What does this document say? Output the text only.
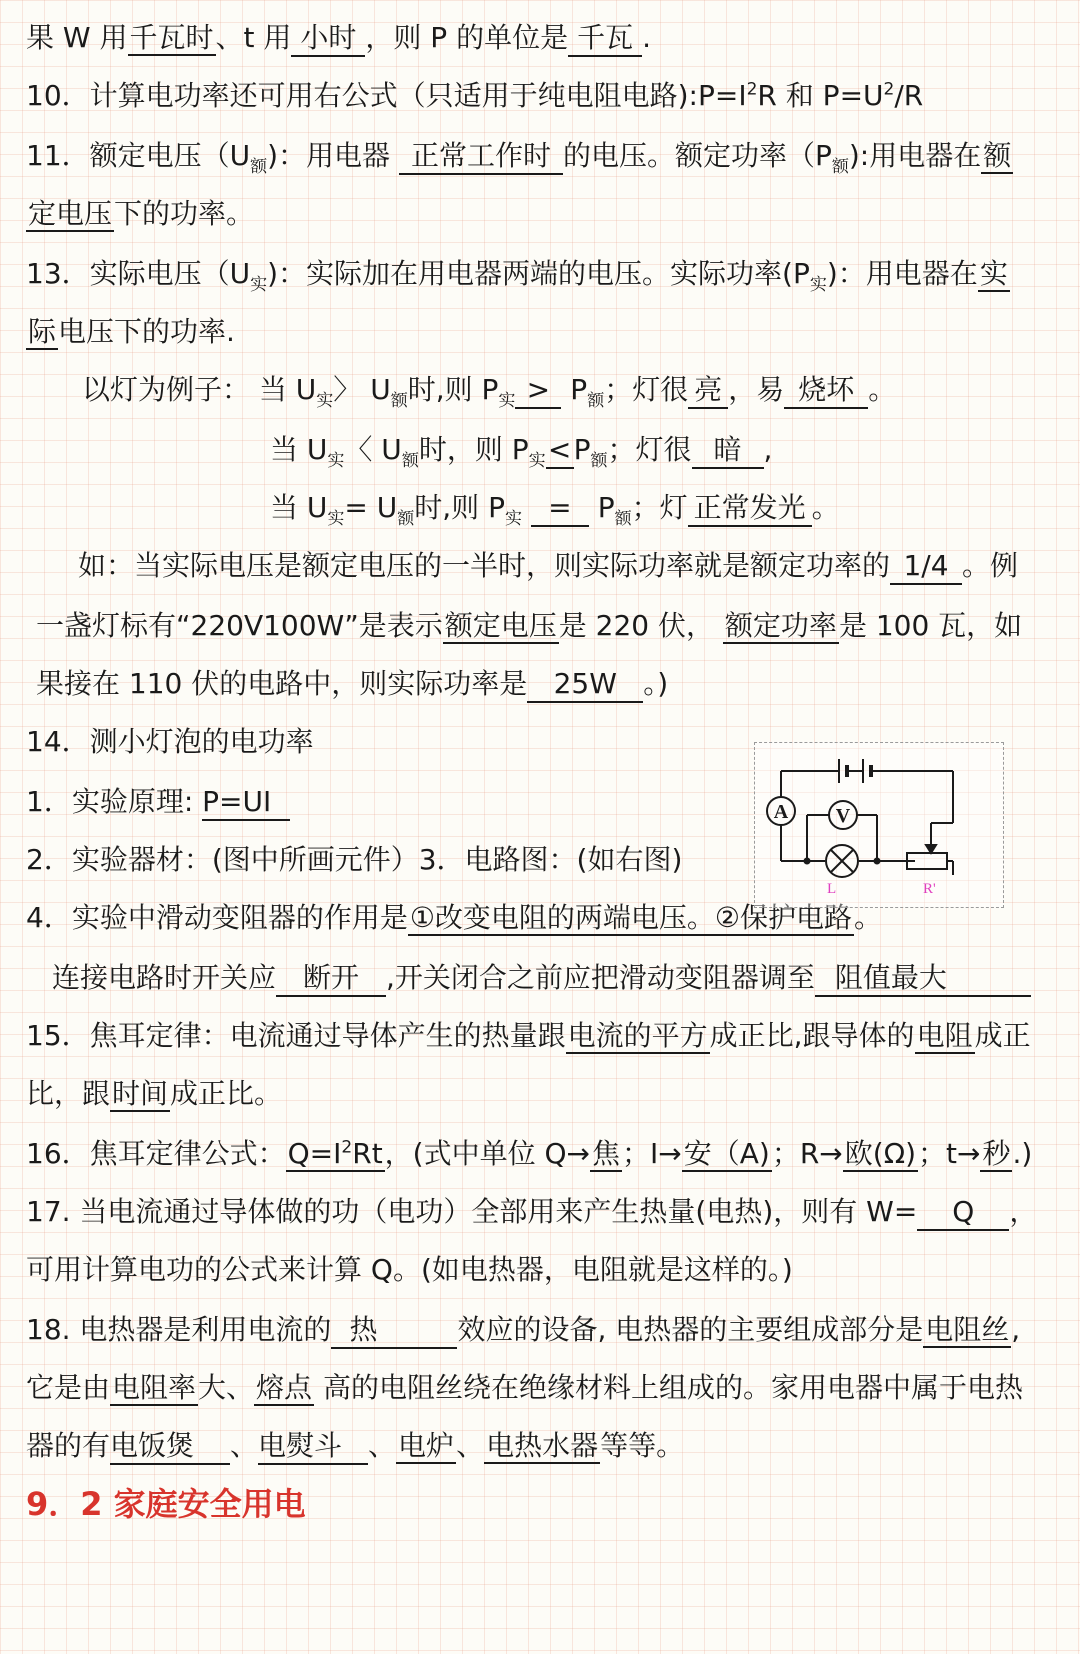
果 W 用千瓦时、t 用 小时 ，则 P 的单位是 千瓦 .
10．计算电功率还可用右公式（只适用于纯电阻电路)$:P=I^2R$ 和 $P=U^2/R$
11．额定电压$(U_额)$：用电器 正常工作时 的电压。额定功率$(P_额)$:用电器在额
定电压下的功率。
13．实际电压$(U_实)$：实际加在用电器两端的电压。实际功率$(P_实)$：用电器在实
际电压下的功率.
以灯为例子： 当 $U_实$〉 $U_额$时,则 $P_实 > P_额$；灯很 亮 ，易 烧坏 。
当 $U_实$〈 $U_额$时，则 $P_实<P_额$；灯很 暗 ,
当 $U_实= U_额$时,则 $P_实 = P_额$；灯 正常发光 。
如：当实际电压是额定电压的一半时，则实际功率就是额定功率的 1/4 。例
一盏灯标有“220V100W”是表示额定电压是 220 伏， 额定功率是 100 瓦，如
果接在 110 伏的电路中，则实际功率是 25W 。)
14．测小灯泡的电功率
1．实验原理: P=UI
2．实验器材：(图中所画元件）3．电路图：(如右图)
4．实验中滑动变阻器的作用是①改变电阻的两端电压。②保护电路。
连接电路时开关应 断开 ,开关闭合之前应把滑动变阻器调至 阻值最大
15．焦耳定律：电流通过导体产生的热量跟电流的平方成正比,跟导体的电阻成正
比，跟时间成正比。
16．焦耳定律公式：$Q=I^2Rt$，(式中单位 Q→焦；I→安（A)；R→欧(Ω)；t→秒.)
17. 当电流通过导体做的功（电功）全部用来产生热量(电热)，则有 W= Q ，
可用计算电功的公式来计算 Q。(如电热器，电阻就是这样的。)
18. 电热器是利用电流的 热	效应的设备, 电热器的主要组成部分是电阻丝,
它是由电阻率大、熔点 高的电阻丝绕在绝缘材料上组成的。家用电器中属于电热
器的有电饭煲 、电熨斗 、电炉、电热水器等等。
9．2 家庭安全用电
A V
L	R'
